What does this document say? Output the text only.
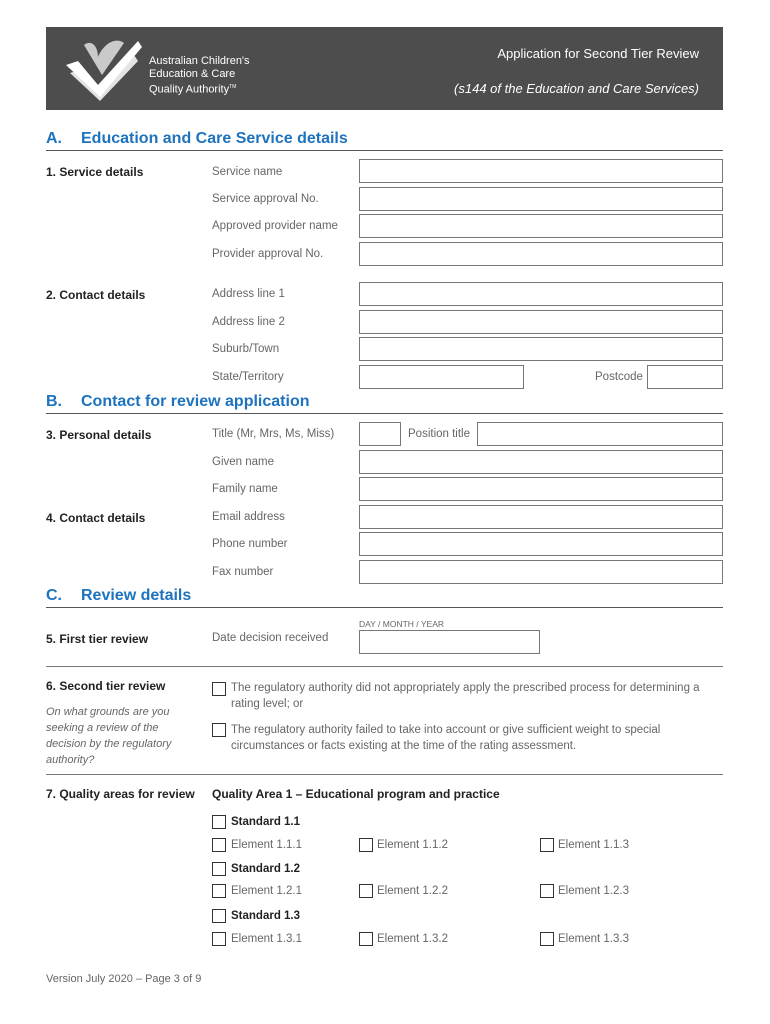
Australian Children's
Education & Care
Quality Authority™
Application for Second Tier Review
(s144 of the Education and Care Services)
A. Education and Care Service details
1. Service details	Service name
Service approval No.
Approved provider name
Provider approval No.
2. Contact details	Address line 1
Address line 2
Suburb/Town
State/Territory	Postcode
B. Contact for review application
3. Personal details	Title (Mr, Mrs, Ms, Miss)	Position title
Given name
Family name
4. Contact details	Email address
Phone number
Fax number
C. Review details
DAY / MONTH / YEAR
5. First tier review	Date decision received
6. Second tier review
On what grounds are you seeking a review of the decision by the regulatory authority?
The regulatory authority did not appropriately apply the prescribed process for determining a rating level; or
The regulatory authority failed to take into account or give sufficient weight to special circumstances or facts existing at the time of the rating assessment.
7. Quality areas for review Quality Area 1 – Educational program and practice
Standard 1.1
Element 1.1.1	Element 1.1.2	Element 1.1.3
Standard 1.2
Element 1.2.1	Element 1.2.2	Element 1.2.3
Standard 1.3
Element 1.3.1	Element 1.3.2	Element 1.3.3
Version July 2020 – Page 3 of 9
